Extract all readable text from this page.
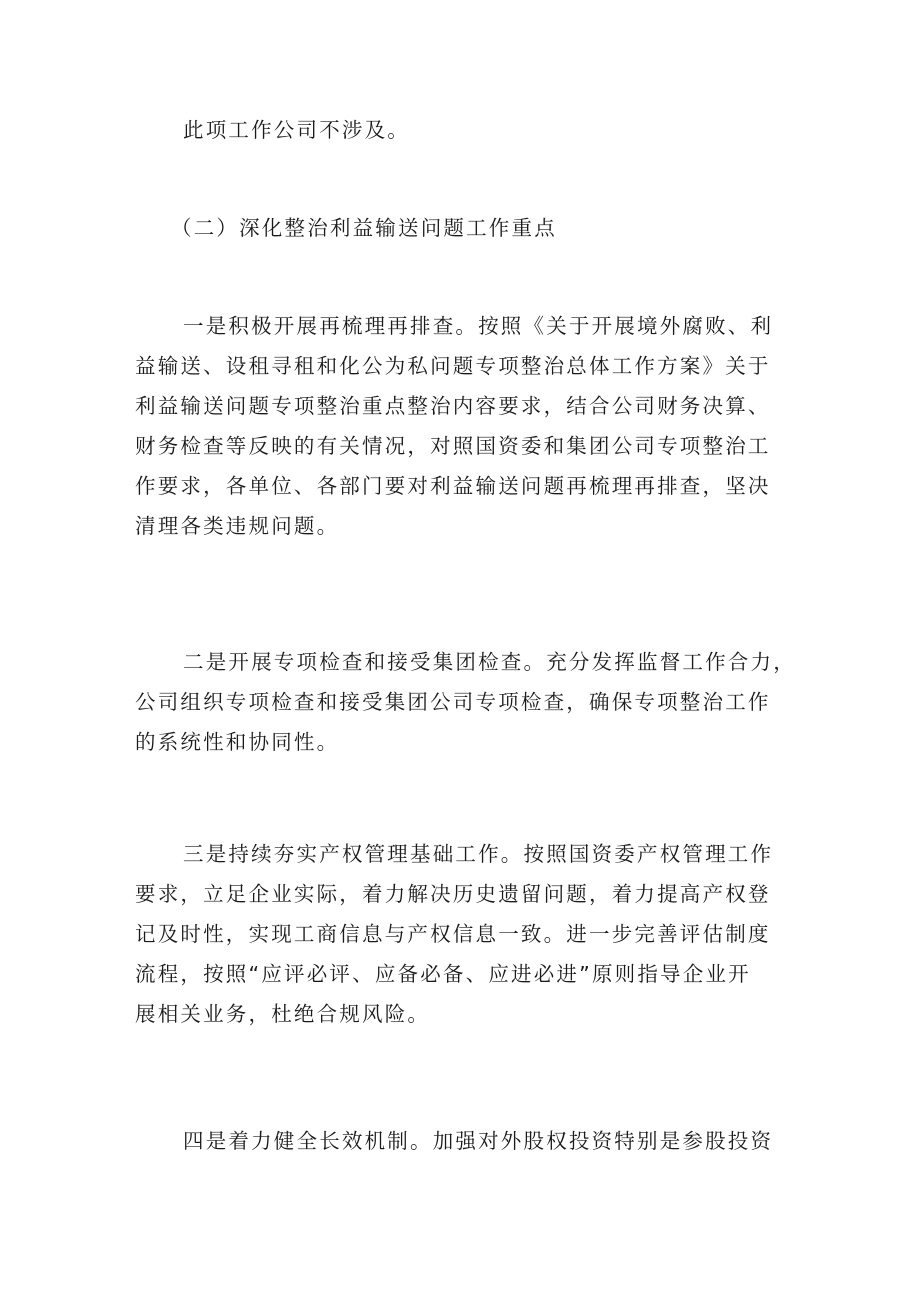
此项工作公司不涉及。

（二）深化整治利益输送问题工作重点

一是积极开展再梳理再排查。按照《关于开展境外腐败、利
益输送、设租寻租和化公为私问题专项整治总体工作方案》关于
利益输送问题专项整治重点整治内容要求，结合公司财务决算、
财务检查等反映的有关情况，对照国资委和集团公司专项整治工
作要求，各单位、各部门要对利益输送问题再梳理再排查，坚决
清理各类违规问题。

二是开展专项检查和接受集团检查。充分发挥监督工作合力，
公司组织专项检查和接受集团公司专项检查，确保专项整治工作
的系统性和协同性。

三是持续夯实产权管理基础工作。按照国资委产权管理工作
要求，立足企业实际，着力解决历史遗留问题，着力提高产权登
记及时性，实现工商信息与产权信息一致。进一步完善评估制度
流程，按照“应评必评、应备必备、应进必进”原则指导企业开
展相关业务，杜绝合规风险。

四是着力健全长效机制。加强对外股权投资特别是参股投资
